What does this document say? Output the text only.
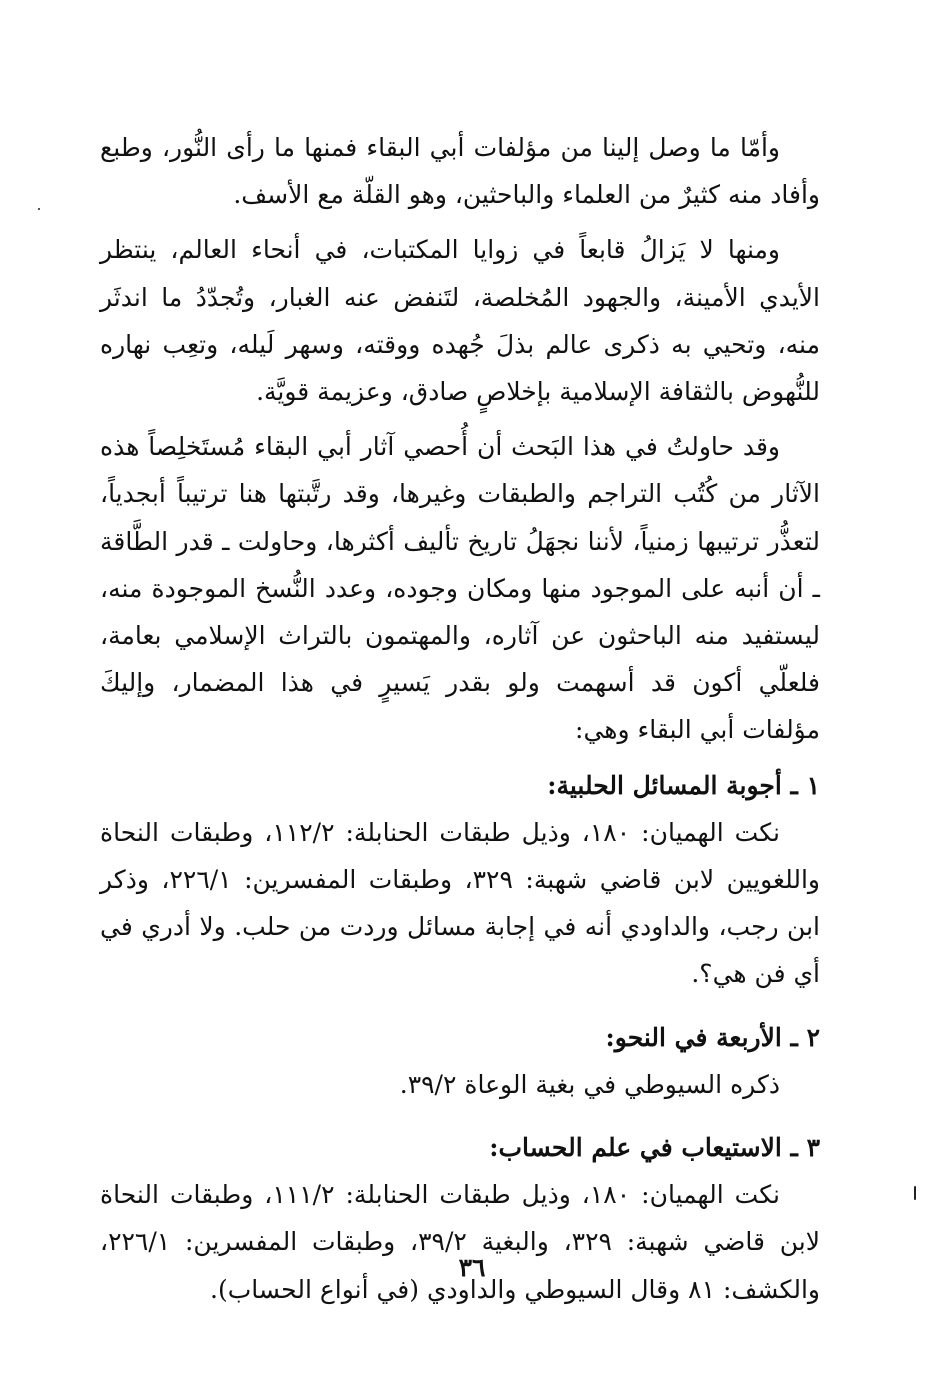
وأمّا ما وصل إلينا من مؤلفات أبي البقاء فمنها ما رأى النُّور، وطبع وأفاد منه كثيرٌ من العلماء والباحثين، وهو القلّة مع الأسف.

ومنها لا يَزالُ قابعاً في زوايا المكتبات، في أنحاء العالم، ينتظر الأيدي الأمينة، والجهود المُخلصة، لتَنفض عنه الغبار، وتُجدّدُ ما اندثَر منه، وتحيي به ذكرى عالم بذلَ جُهده ووقته، وسهر لَيله، وتعِب نهاره للنُّهوض بالثقافة الإسلامية بإخلاصٍ صادق، وعزيمة قويَّة.

وقد حاولتُ في هذا البَحث أن أُحصي آثار أبي البقاء مُستَخلِصاً هذه الآثار من كُتُب التراجم والطبقات وغيرها، وقد رتَّبتها هنا ترتيباً أبجدياً، لتعذُّر ترتيبها زمنياً، لأننا نجهَلُ تاريخ تأليف أكثرها، وحاولت ـ قدر الطَّاقة ـ أن أنبه على الموجود منها ومكان وجوده، وعدد النُّسخ الموجودة منه، ليستفيد منه الباحثون عن آثاره، والمهتمون بالتراث الإسلامي بعامة، فلعلّي أكون قد أسهمت ولو بقدر يَسيرٍ في هذا المضمار، وإليكَ مؤلفات أبي البقاء وهي:

١ ـ أجوبة المسائل الحلبية:

نكت الهميان: ١٨٠، وذيل طبقات الحنابلة: ١١٢/٢، وطبقات النحاة واللغويين لابن قاضي شهبة: ٣٢٩، وطبقات المفسرين: ٢٢٦/١، وذكر ابن رجب، والداودي أنه في إجابة مسائل وردت من حلب. ولا أدري في أي فن هي؟.

٢ ـ الأربعة في النحو:

ذكره السيوطي في بغية الوعاة ٣٩/٢.

٣ ـ الاستيعاب في علم الحساب:

نكت الهميان: ١٨٠، وذيل طبقات الحنابلة: ١١١/٢، وطبقات النحاة لابن قاضي شهبة: ٣٢٩، والبغية ٣٩/٢، وطبقات المفسرين: ٢٢٦/١، والكشف: ٨١ وقال السيوطي والداودي (في أنواع الحساب).

٣٦
